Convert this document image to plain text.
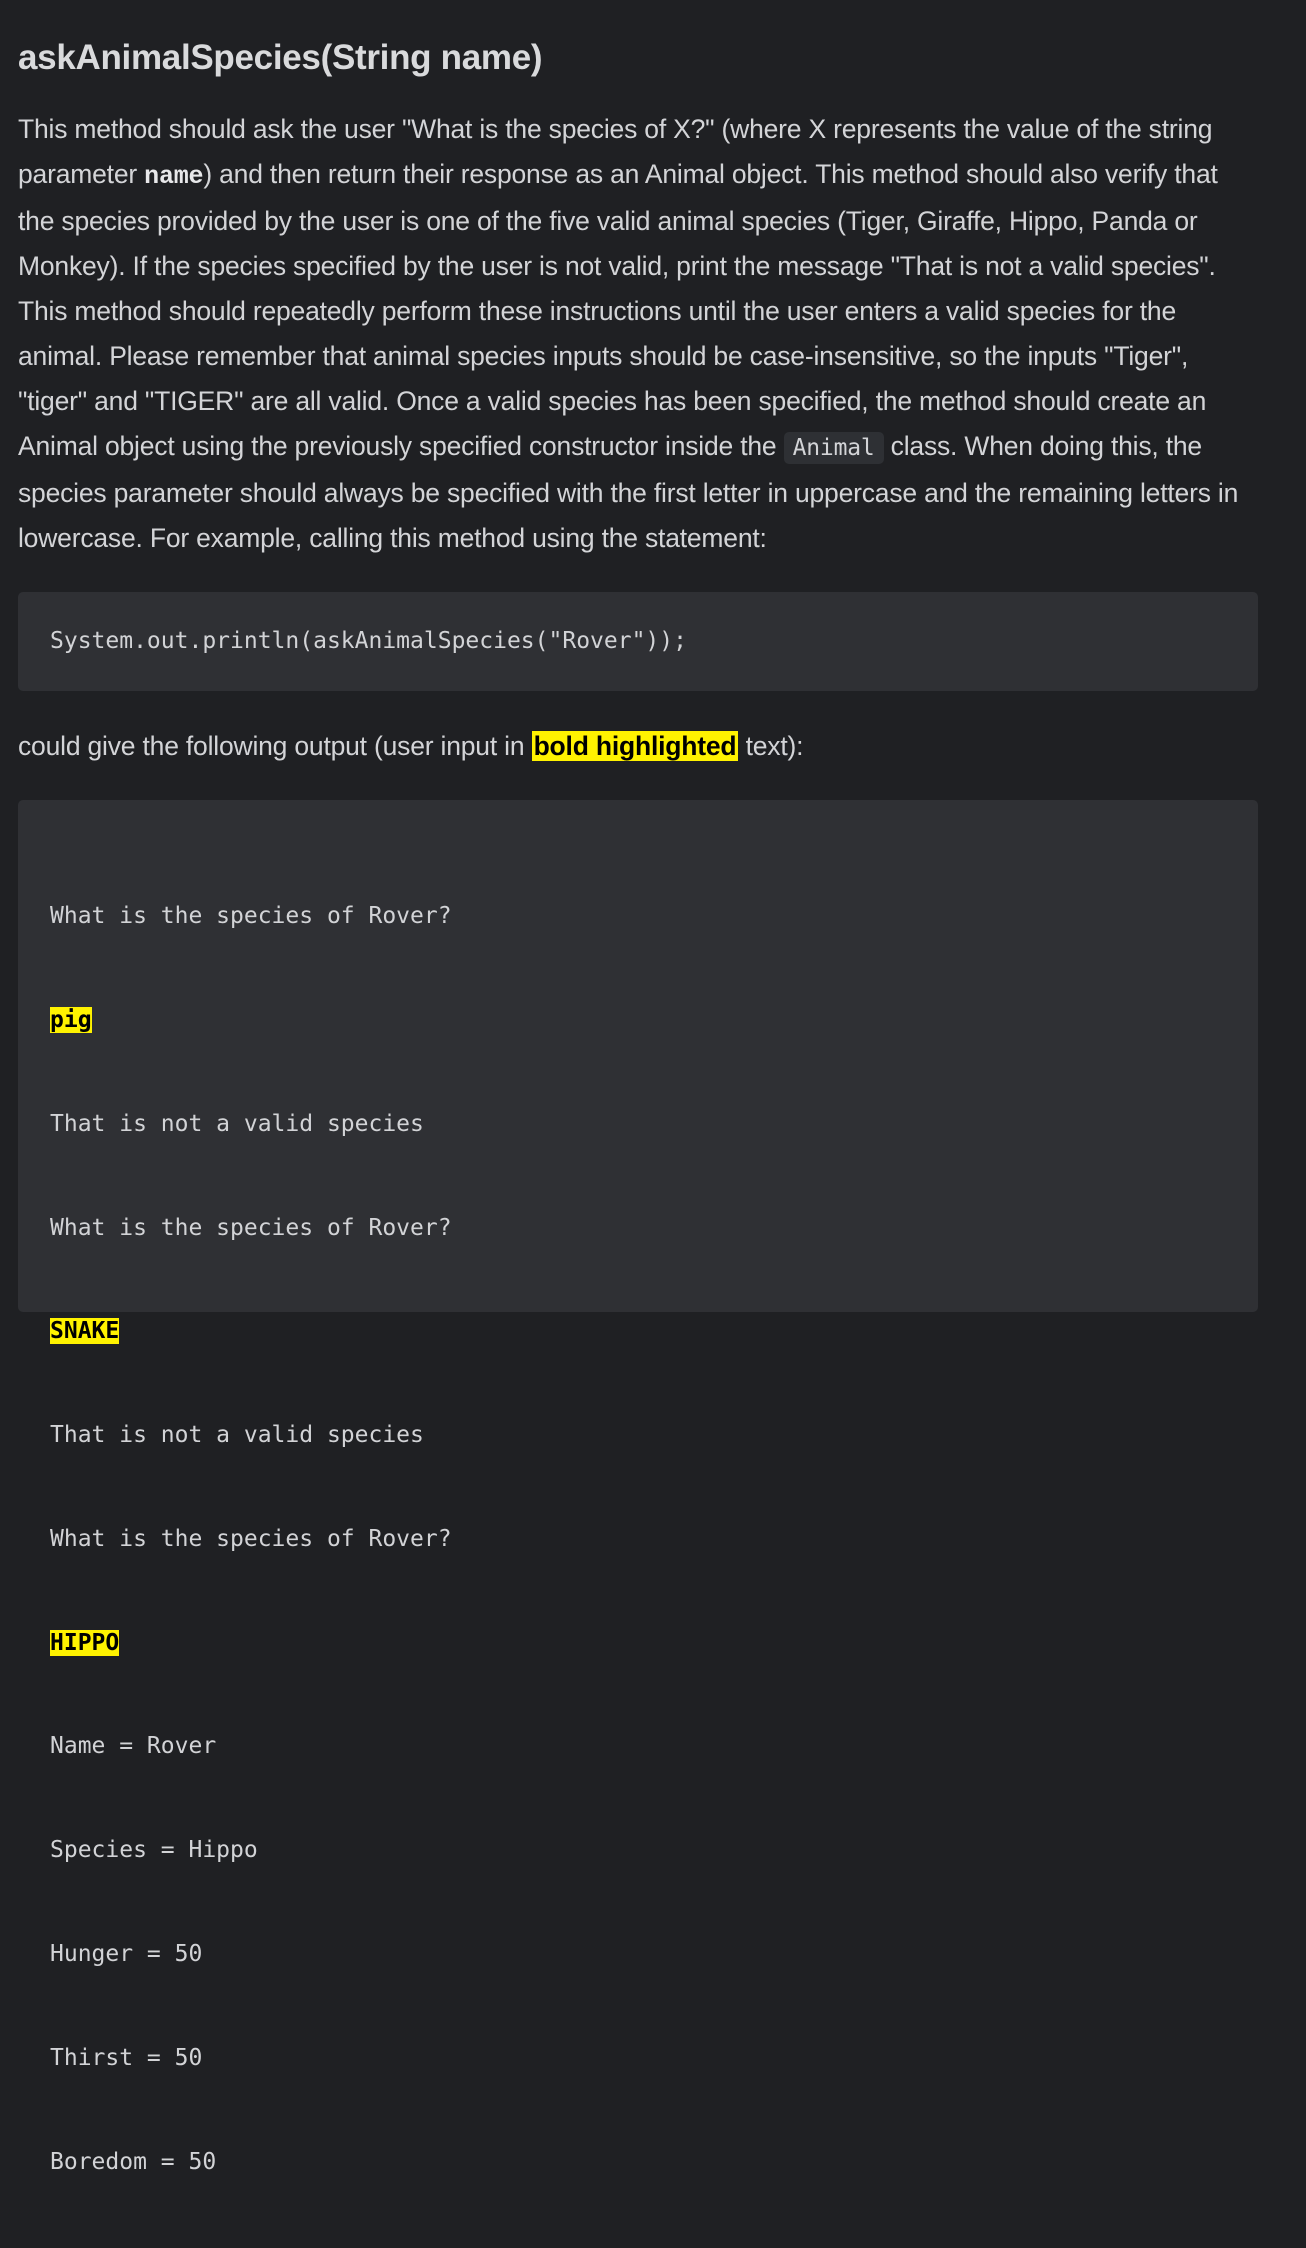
askAnimalSpecies(String name)

This method should ask the user "What is the species of X?" (where X represents the value of the string parameter name) and then return their response as an Animal object. This method should also verify that the species provided by the user is one of the five valid animal species (Tiger, Giraffe, Hippo, Panda or Monkey). If the species specified by the user is not valid, print the message "That is not a valid species". This method should repeatedly perform these instructions until the user enters a valid species for the animal. Please remember that animal species inputs should be case-insensitive, so the inputs "Tiger", "tiger" and "TIGER" are all valid. Once a valid species has been specified, the method should create an Animal object using the previously specified constructor inside the Animal class. When doing this, the species parameter should always be specified with the first letter in uppercase and the remaining letters in lowercase. For example, calling this method using the statement:

System.out.println(askAnimalSpecies("Rover"));

could give the following output (user input in bold highlighted text):

What is the species of Rover?

pig

That is not a valid species

What is the species of Rover?

SNAKE

That is not a valid species

What is the species of Rover?

HIPPO

Name = Rover

Species = Hippo

Hunger = 50

Thirst = 50

Boredom = 50
